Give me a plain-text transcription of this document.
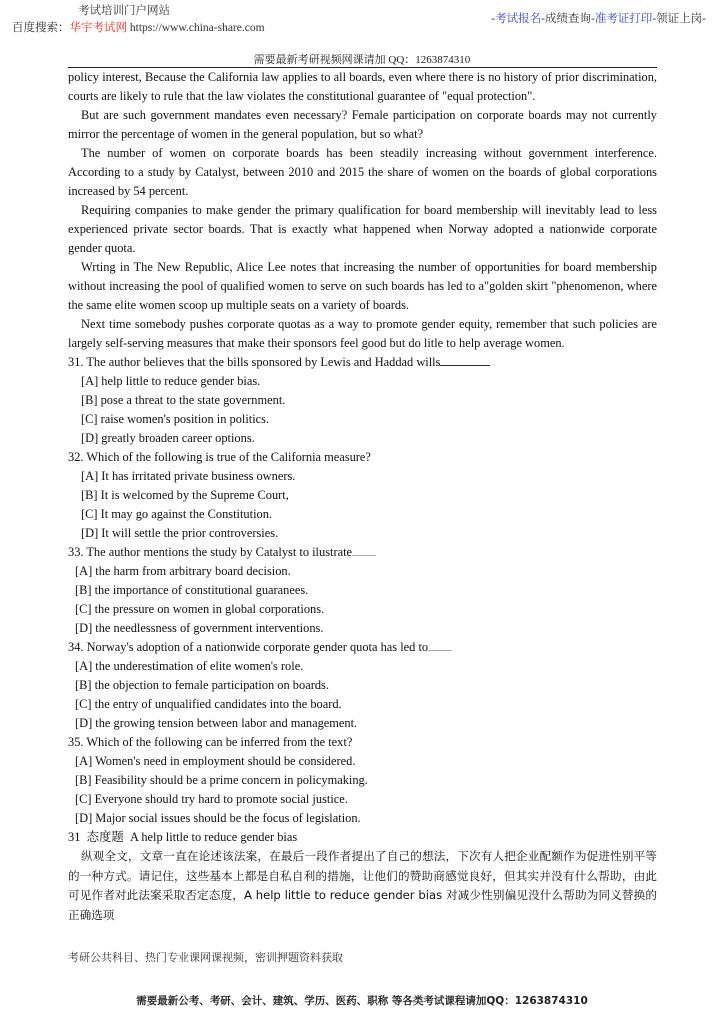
考试培训门户网站
百度搜索：华宇考试网 https://www.china-share.com
-考试报名-成绩查询-准考证打印-领证上岗-
需要最新考研视频网课请加 QQ：1263874310
policy interest, Because the California law applies to all boards, even where there is no history of prior discrimination, courts are likely to rule that the law violates the constitutional guarantee of "equal protection".
But are such government mandates even necessary? Female participation on corporate boards may not currently mirror the percentage of women in the general population, but so what?
The number of women on corporate boards has been steadily increasing without government interference. According to a study by Catalyst, between 2010 and 2015 the share of women on the boards of global corporations increased by 54 percent.
Requiring companies to make gender the primary qualification for board membership will inevitably lead to less experienced private sector boards. That is exactly what happened when Norway adopted a nationwide corporate gender quota.
Wrting in The New Republic, Alice Lee notes that increasing the number of opportunities for board membership without increasing the pool of qualified women to serve on such boards has led to a"golden skirt "phenomenon, where the same elite women scoop up multiple seats on a variety of boards.
Next time somebody pushes corporate quotas as a way to promote gender equity, remember that such policies are largely self-serving measures that make their sponsors feel good but do litle to help average women.
31. The author believes that the bills sponsored by Lewis and Haddad wills
[A] help little to reduce gender bias.
[B] pose a threat to the state government.
[C] raise women's position in politics.
[D] greatly broaden career options.
32. Which of the following is true of the California measure?
[A] It has irritated private business owners.
[B] It is welcomed by the Supreme Court,
[C] It may go against the Constitution.
[D] It will settle the prior controversies.
33. The author mentions the study by Catalyst to ilustrate
[A] the harm from arbitrary board decision.
[B] the importance of constitutional guaranees.
[C] the pressure on women in global corporations.
[D] the needlessness of government interventions.
34. Norway's adoption of a nationwide corporate gender quota has led to
[A] the underestimation of elite women's role.
[B] the objection to female participation on boards.
[C] the entry of unqualified candidates into the board.
[D] the growing tension between labor and management.
35. Which of the following can be inferred from the text?
[A] Women's need in employment should be considered.
[B] Feasibility should be a prime concern in policymaking.
[C] Everyone should try hard to promote social justice.
[D] Major social issues should be the focus of legislation.
31  态度题  A help little to reduce gender bias
纵观全文，文章一直在论述该法案，在最后一段作者提出了自己的想法，下次有人把企业配额作为促进性别平等的一种方式。请记住，这些基本上都是自私自利的措施，让他们的赞助商感觉良好，但其实并没有什么帮助，由此可见作者对此法案采取否定态度，A help little to reduce gender bias 对减少性别偏见没什么帮助为同义替换的正确选项
考研公共科目、热门专业课网课视频，密训押题资料获取
需要最新公考、考研、会计、建筑、学历、医药、职称 等各类考试课程请加QQ：1263874310
